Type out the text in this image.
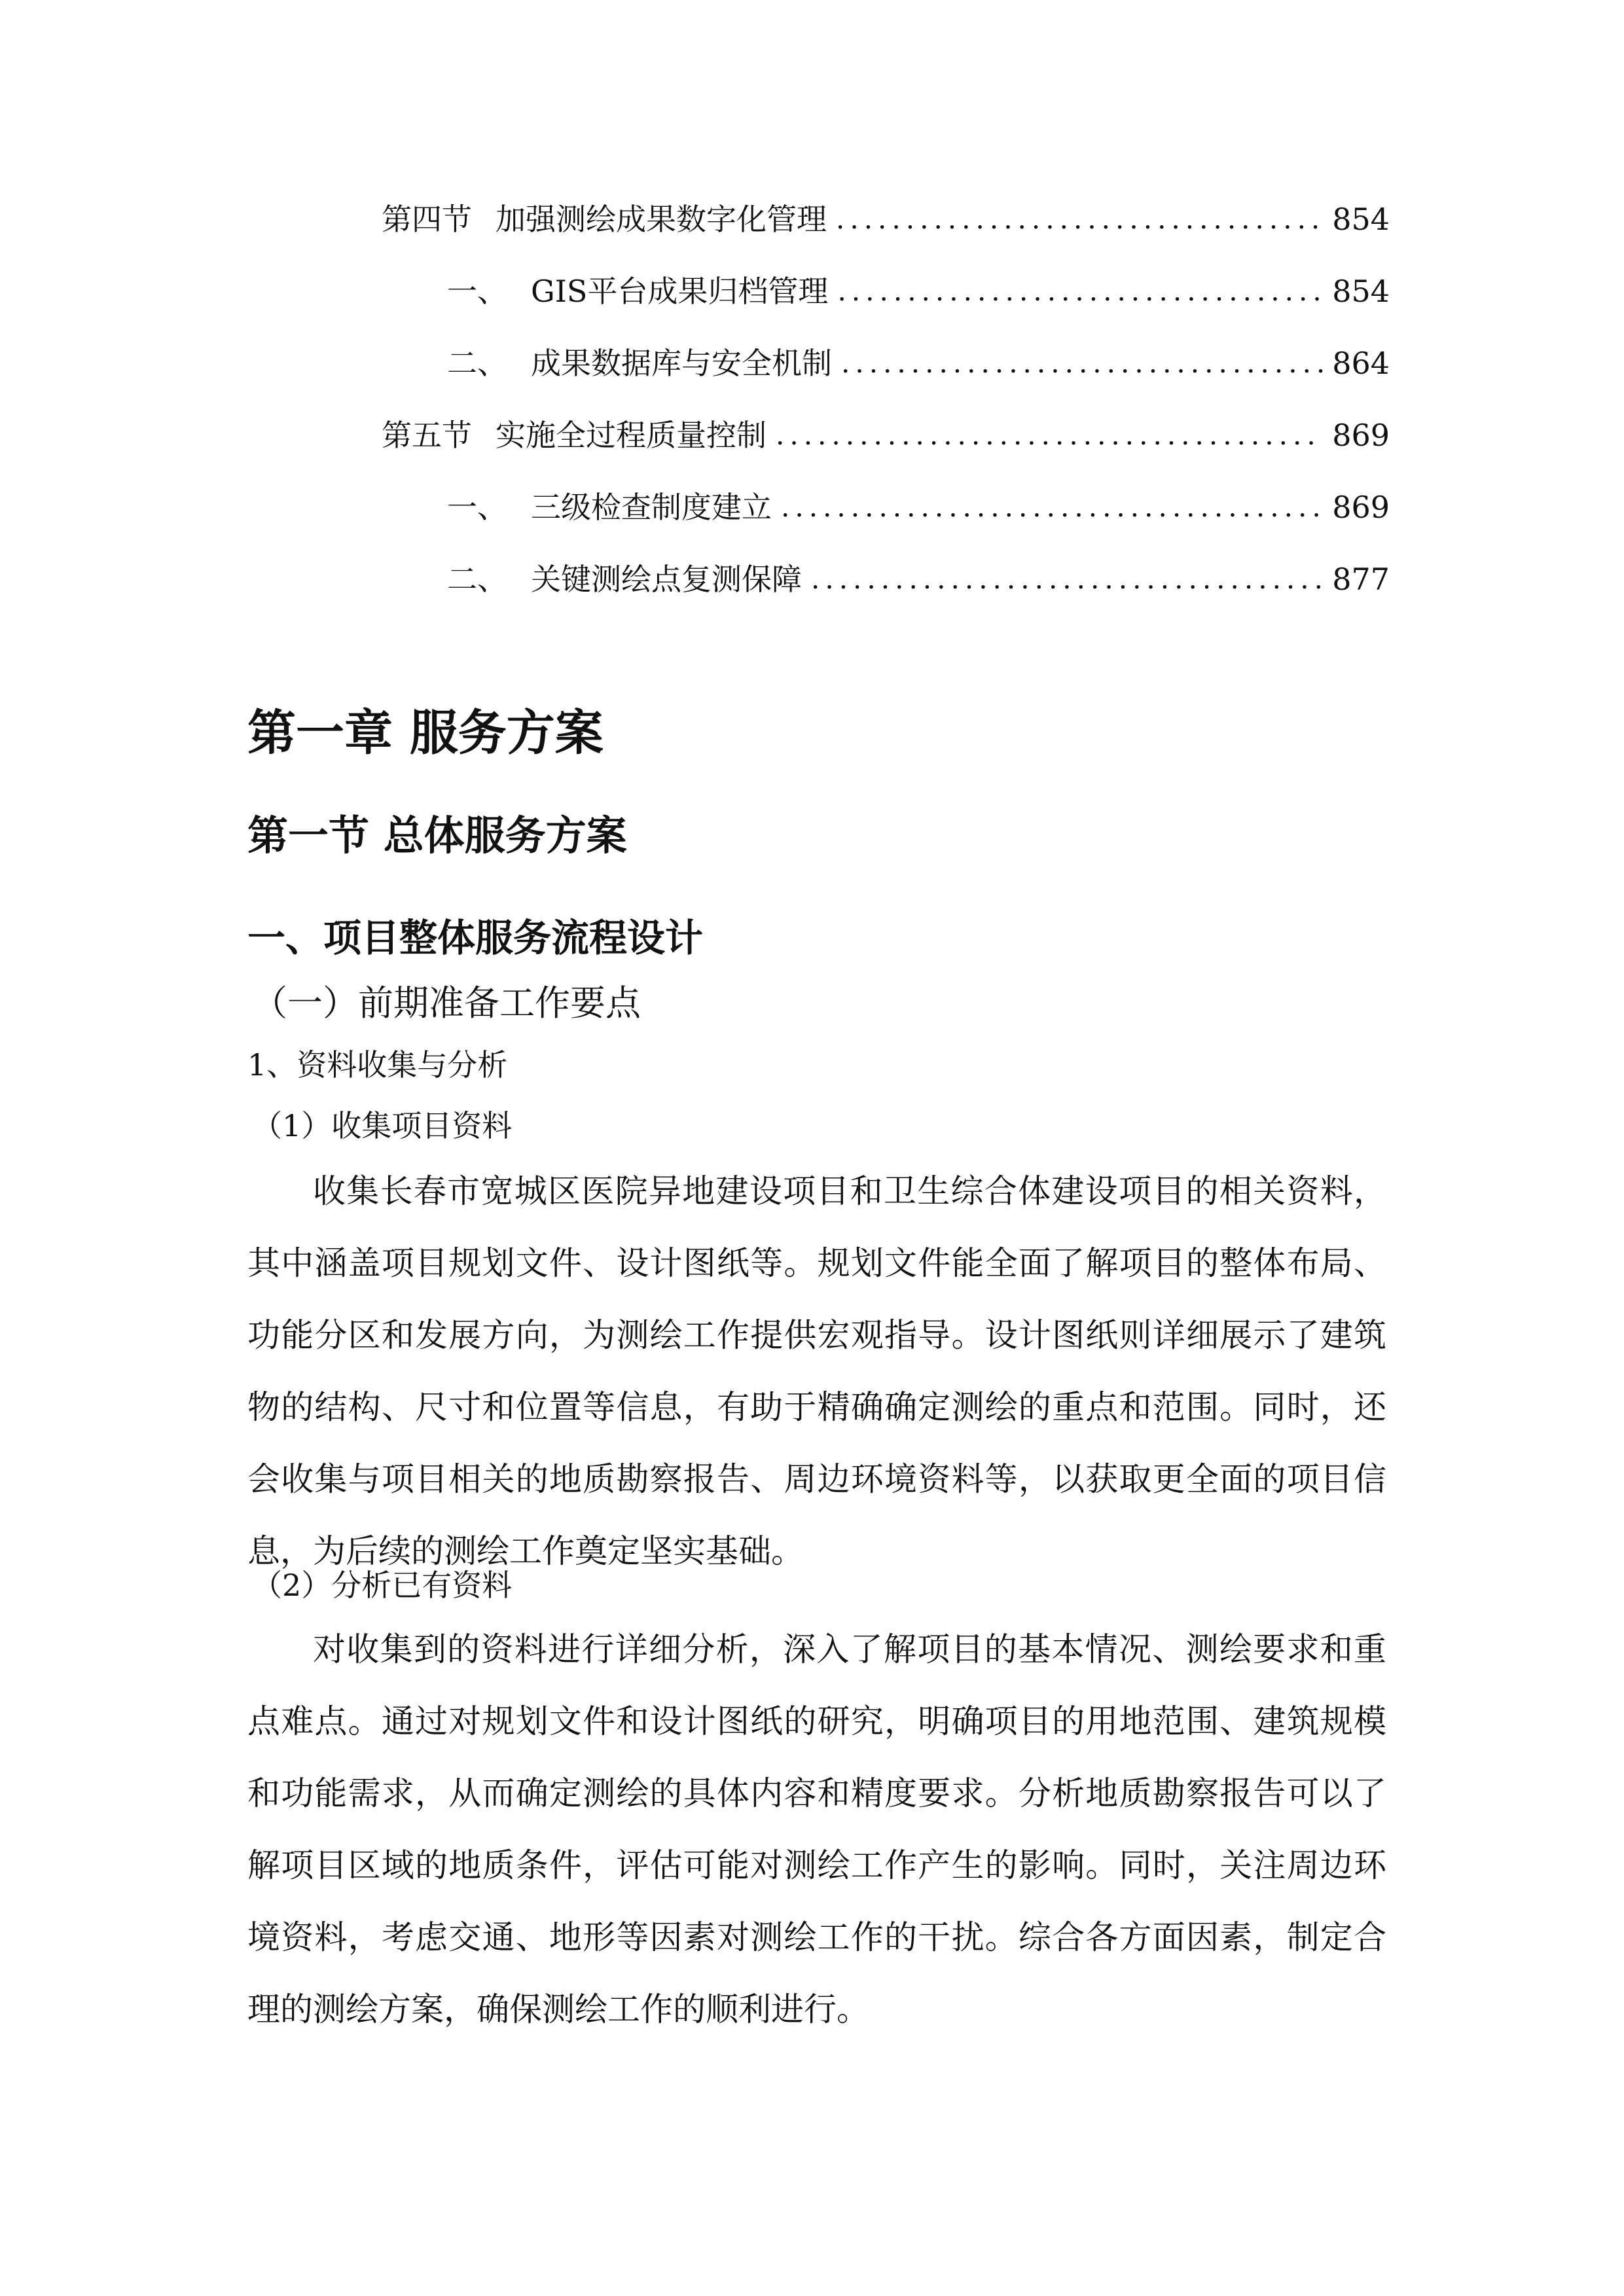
第四节 加强测绘成果数字化管理 .....	854
一、 GIS平台成果归档管理 .....	854
二、 成果数据库与安全机制 .....	864
第五节 实施全过程质量控制 .....	869
一、 三级检查制度建立 .....	869
二、 关键测绘点复测保障 .....	877
第一章 服务方案
第一节 总体服务方案
一、项目整体服务流程设计
（一）前期准备工作要点
1、资料收集与分析
（1）收集项目资料

收集长春市宽城区医院异地建设项目和卫生综合体建设项目的相关资料，其中涵盖项目规划文件、设计图纸等。规划文件能全面了解项目的整体布局、功能分区和发展方向，为测绘工作提供宏观指导。设计图纸则详细展示了建筑物的结构、尺寸和位置等信息，有助于精确确定测绘的重点和范围。同时，还会收集与项目相关的地质勘察报告、周边环境资料等，以获取更全面的项目信息，为后续的测绘工作奠定坚实基础。

（2）分析已有资料

对收集到的资料进行详细分析，深入了解项目的基本情况、测绘要求和重点难点。通过对规划文件和设计图纸的研究，明确项目的用地范围、建筑规模和功能需求，从而确定测绘的具体内容和精度要求。分析地质勘察报告可以了解项目区域的地质条件，评估可能对测绘工作产生的影响。同时，关注周边环境资料，考虑交通、地形等因素对测绘工作的干扰。综合各方面因素，制定合理的测绘方案，确保测绘工作的顺利进行。
